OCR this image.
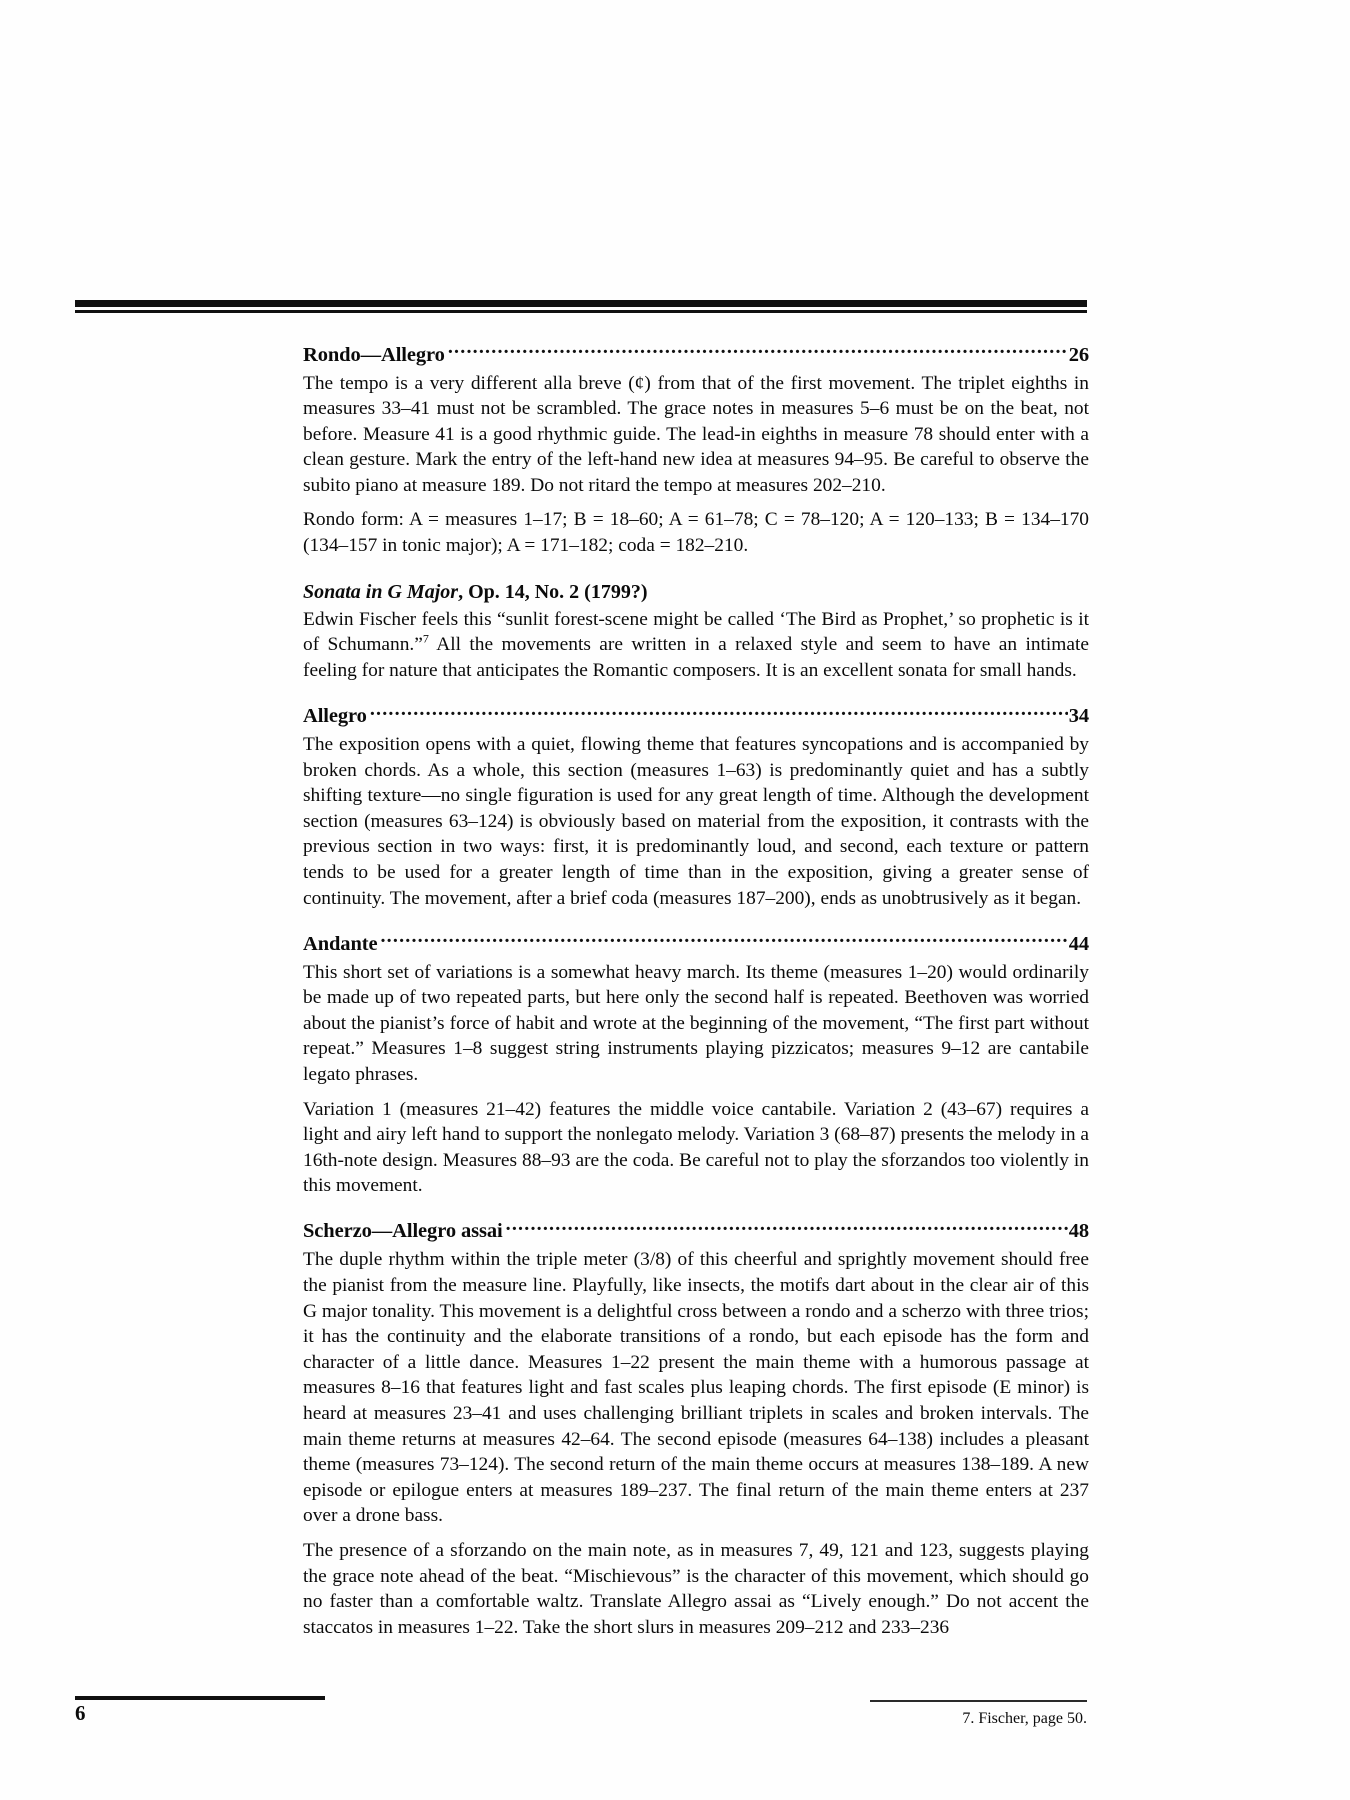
Rondo—Allegro .....	26

The tempo is a very different alla breve (¢) from that of the first movement. The triplet eighths in measures 33–41 must not be scrambled. The grace notes in measures 5–6 must be on the beat, not before. Measure 41 is a good rhythmic guide. The lead-in eighths in measure 78 should enter with a clean gesture. Mark the entry of the left-hand new idea at measures 94–95. Be careful to observe the subito piano at measure 189. Do not ritard the tempo at measures 202–210.

Rondo form: A = measures 1–17; B = 18–60; A = 61–78; C = 78–120; A = 120–133; B = 134–170 (134–157 in tonic major); A = 171–182; coda = 182–210.

Sonata in G Major, Op. 14, No. 2 (1799?)

Edwin Fischer feels this “sunlit forest-scene might be called ‘The Bird as Prophet,’ so prophetic is it of Schumann.”$^7$ All the movements are written in a relaxed style and seem to have an intimate feeling for nature that anticipates the Romantic composers. It is an excellent sonata for small hands.

Allegro .....	34

The exposition opens with a quiet, flowing theme that features syncopations and is accompanied by broken chords. As a whole, this section (measures 1–63) is predominantly quiet and has a subtly shifting texture—no single figuration is used for any great length of time. Although the development section (measures 63–124) is obviously based on material from the exposition, it contrasts with the previous section in two ways: first, it is predominantly loud, and second, each texture or pattern tends to be used for a greater length of time than in the exposition, giving a greater sense of continuity. The movement, after a brief coda (measures 187–200), ends as unobtrusively as it began.

Andante .....	44

This short set of variations is a somewhat heavy march. Its theme (measures 1–20) would ordinarily be made up of two repeated parts, but here only the second half is repeated. Beethoven was worried about the pianist’s force of habit and wrote at the beginning of the movement, “The first part without repeat.” Measures 1–8 suggest string instruments playing pizzicatos; measures 9–12 are cantabile legato phrases.

Variation 1 (measures 21–42) features the middle voice cantabile. Variation 2 (43–67) requires a light and airy left hand to support the nonlegato melody. Variation 3 (68–87) presents the melody in a 16th-note design. Measures 88–93 are the coda. Be careful not to play the sforzandos too violently in this movement.

Scherzo—Allegro assai .....	48

The duple rhythm within the triple meter (3/8) of this cheerful and sprightly movement should free the pianist from the measure line. Playfully, like insects, the motifs dart about in the clear air of this G major tonality. This movement is a delightful cross between a rondo and a scherzo with three trios; it has the continuity and the elaborate transitions of a rondo, but each episode has the form and character of a little dance. Measures 1–22 present the main theme with a humorous passage at measures 8–16 that features light and fast scales plus leaping chords. The first episode (E minor) is heard at measures 23–41 and uses challenging brilliant triplets in scales and broken intervals. The main theme returns at measures 42–64. The second episode (measures 64–138) includes a pleasant theme (measures 73–124). The second return of the main theme occurs at measures 138–189. A new episode or epilogue enters at measures 189–237. The final return of the main theme enters at 237 over a drone bass.

The presence of a sforzando on the main note, as in measures 7, 49, 121 and 123, suggests playing the grace note ahead of the beat. “Mischievous” is the character of this movement, which should go no faster than a comfortable waltz. Translate Allegro assai as “Lively enough.” Do not accent the staccatos in measures 1–22. Take the short slurs in measures 209–212 and 233–236

6	7. Fischer, page 50.
